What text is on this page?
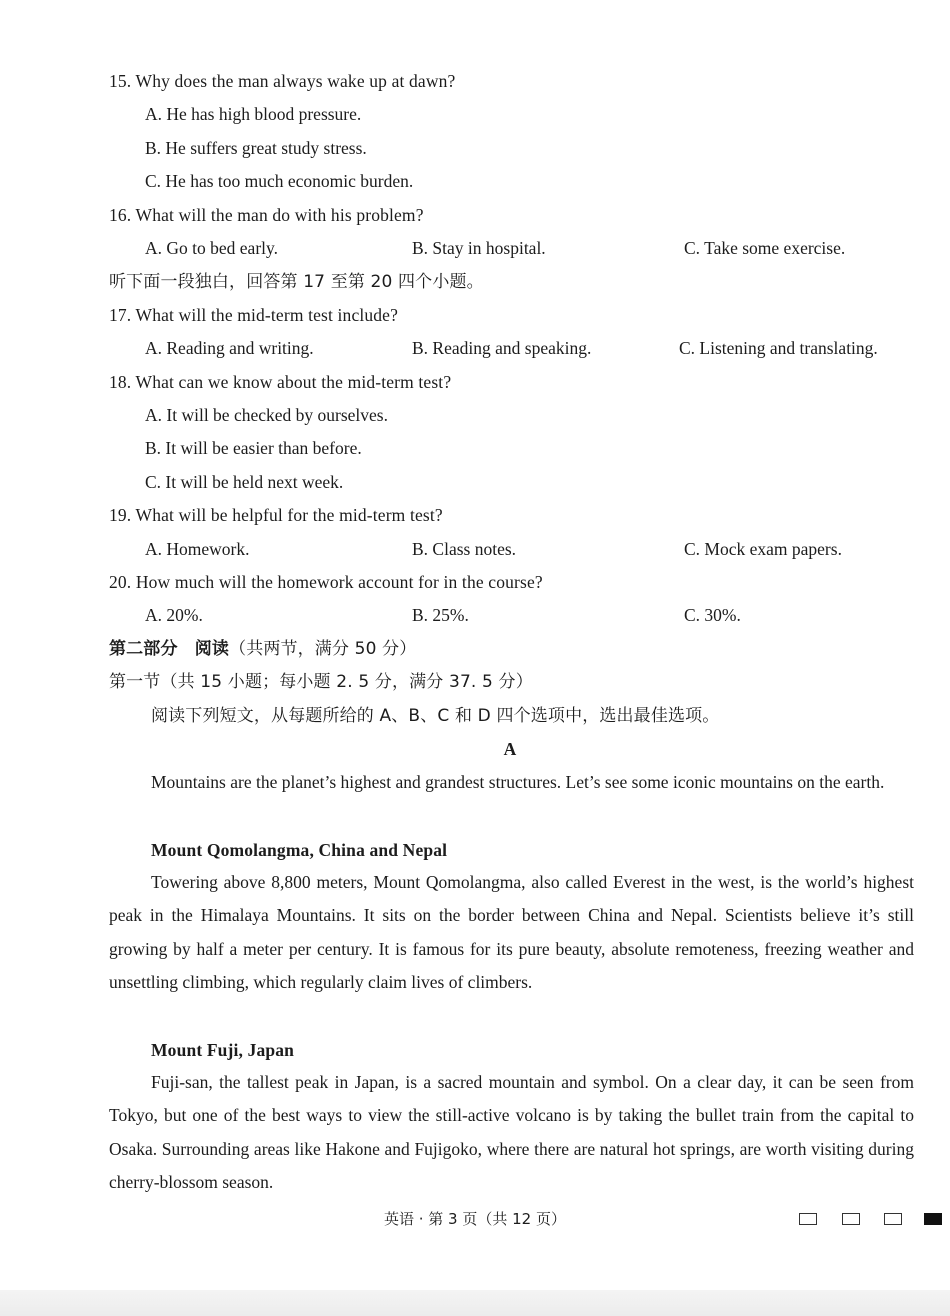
15. Why does the man always wake up at dawn?
A. He has high blood pressure.
B. He suffers great study stress.
C. He has too much economic burden.
16. What will the man do with his problem?
A. Go to bed early.	B. Stay in hospital.	C. Take some exercise.
听下面一段独白，回答第 17 至第 20 四个小题。
17. What will the mid-term test include?
A. Reading and writing.	B. Reading and speaking.	C. Listening and translating.
18. What can we know about the mid-term test?
A. It will be checked by ourselves.
B. It will be easier than before.
C. It will be held next week.
19. What will be helpful for the mid-term test?
A. Homework.	B. Class notes.	C. Mock exam papers.
20. How much will the homework account for in the course?
A. 20%.	B. 25%.	C. 30%.
第二部分　阅读（共两节，满分 50 分）
第一节（共 15 小题；每小题 2. 5 分，满分 37. 5 分）
阅读下列短文，从每题所给的 A、B、C 和 D 四个选项中，选出最佳选项。
A
Mountains are the planet’s highest and grandest structures. Let’s see some iconic mountains on the earth.
Mount Qomolangma, China and Nepal
Towering above 8,800 meters, Mount Qomolangma, also called Everest in the west, is the world’s highest peak in the Himalaya Mountains. It sits on the border between China and Nepal. Scientists believe it’s still growing by half a meter per century. It is famous for its pure beauty, absolute remoteness, freezing weather and unsettling climbing, which regularly claim lives of climbers.
Mount Fuji, Japan
Fuji-san, the tallest peak in Japan, is a sacred mountain and symbol. On a clear day, it can be seen from Tokyo, but one of the best ways to view the still-active volcano is by taking the bullet train from the capital to Osaka. Surrounding areas like Hakone and Fujigoko, where there are natural hot springs, are worth visiting during cherry-blossom season.
英语 · 第 3 页（共 12 页）
